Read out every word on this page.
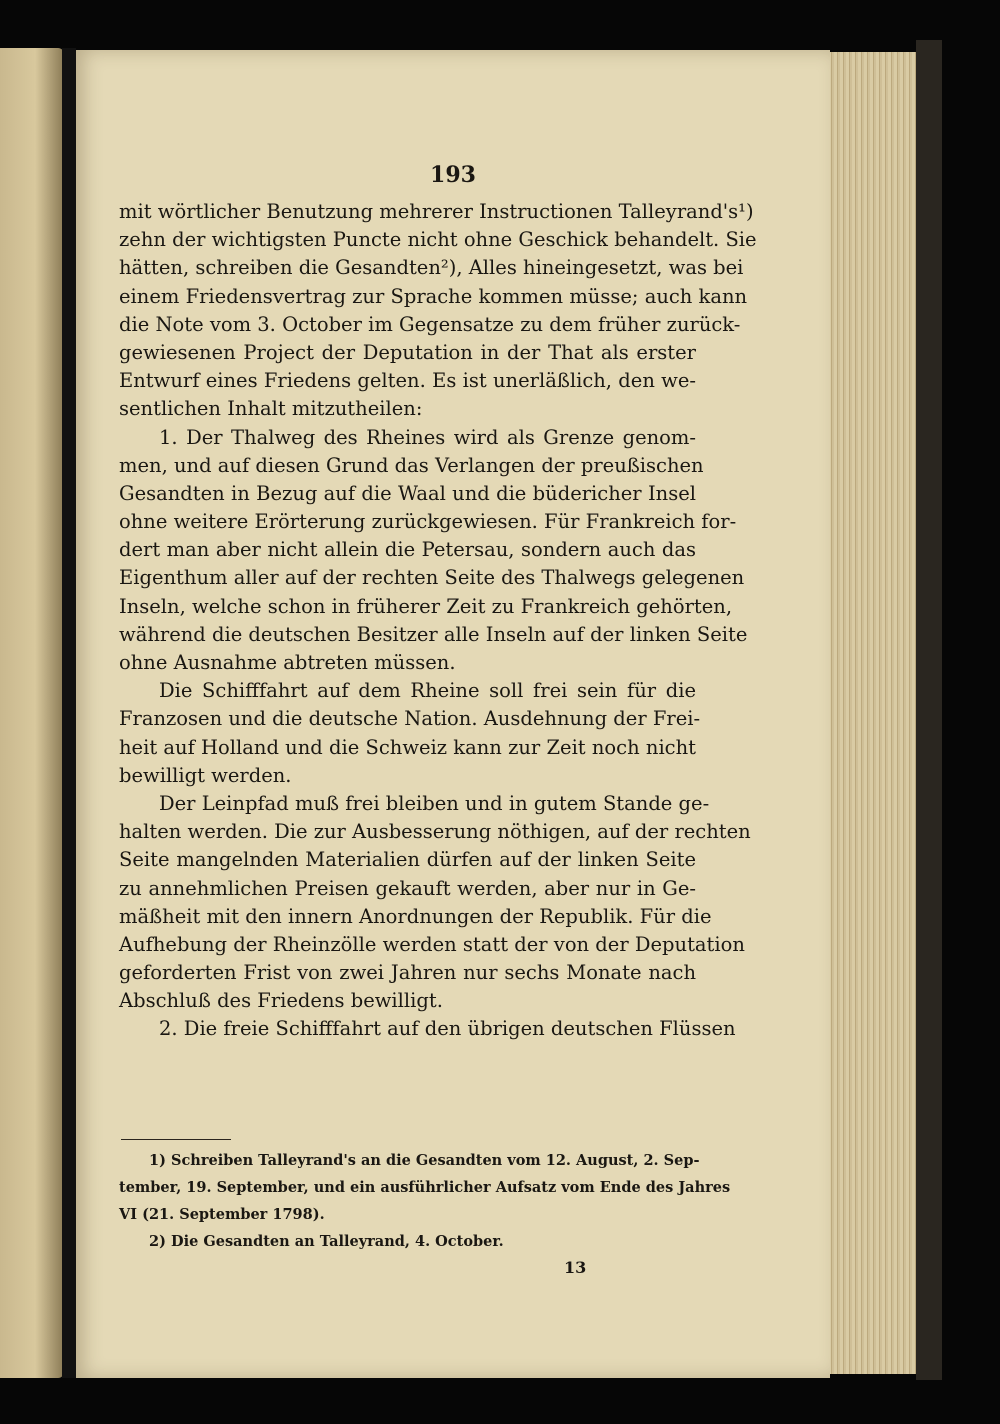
193
mit wörtlicher Benutzung mehrerer Instructionen Talleyrand's¹)
zehn der wichtigsten Puncte nicht ohne Geschick behandelt. Sie
hätten, schreiben die Gesandten²), Alles hineingesetzt, was bei
einem Friedensvertrag zur Sprache kommen müsse; auch kann
die Note vom 3. October im Gegensatze zu dem früher zurück-
gewiesenen Project der Deputation in der That als erster
Entwurf eines Friedens gelten. Es ist unerläßlich, den we-
sentlichen Inhalt mitzutheilen:
1. Der Thalweg des Rheines wird als Grenze genom-
men, und auf diesen Grund das Verlangen der preußischen
Gesandten in Bezug auf die Waal und die büdericher Insel
ohne weitere Erörterung zurückgewiesen. Für Frankreich for-
dert man aber nicht allein die Petersau, sondern auch das
Eigenthum aller auf der rechten Seite des Thalwegs gelegenen
Inseln, welche schon in früherer Zeit zu Frankreich gehörten,
während die deutschen Besitzer alle Inseln auf der linken Seite
ohne Ausnahme abtreten müssen.
Die Schifffahrt auf dem Rheine soll frei sein für die
Franzosen und die deutsche Nation. Ausdehnung der Frei-
heit auf Holland und die Schweiz kann zur Zeit noch nicht
bewilligt werden.
Der Leinpfad muß frei bleiben und in gutem Stande ge-
halten werden. Die zur Ausbesserung nöthigen, auf der rechten
Seite mangelnden Materialien dürfen auf der linken Seite
zu annehmlichen Preisen gekauft werden, aber nur in Ge-
mäßheit mit den innern Anordnungen der Republik. Für die
Aufhebung der Rheinzölle werden statt der von der Deputation
geforderten Frist von zwei Jahren nur sechs Monate nach
Abschluß des Friedens bewilligt.
2. Die freie Schifffahrt auf den übrigen deutschen Flüssen
1) Schreiben Talleyrand's an die Gesandten vom 12. August, 2. Sep-
tember, 19. September, und ein ausführlicher Aufsatz vom Ende des Jahres
VI (21. September 1798).
2) Die Gesandten an Talleyrand, 4. October.
13
